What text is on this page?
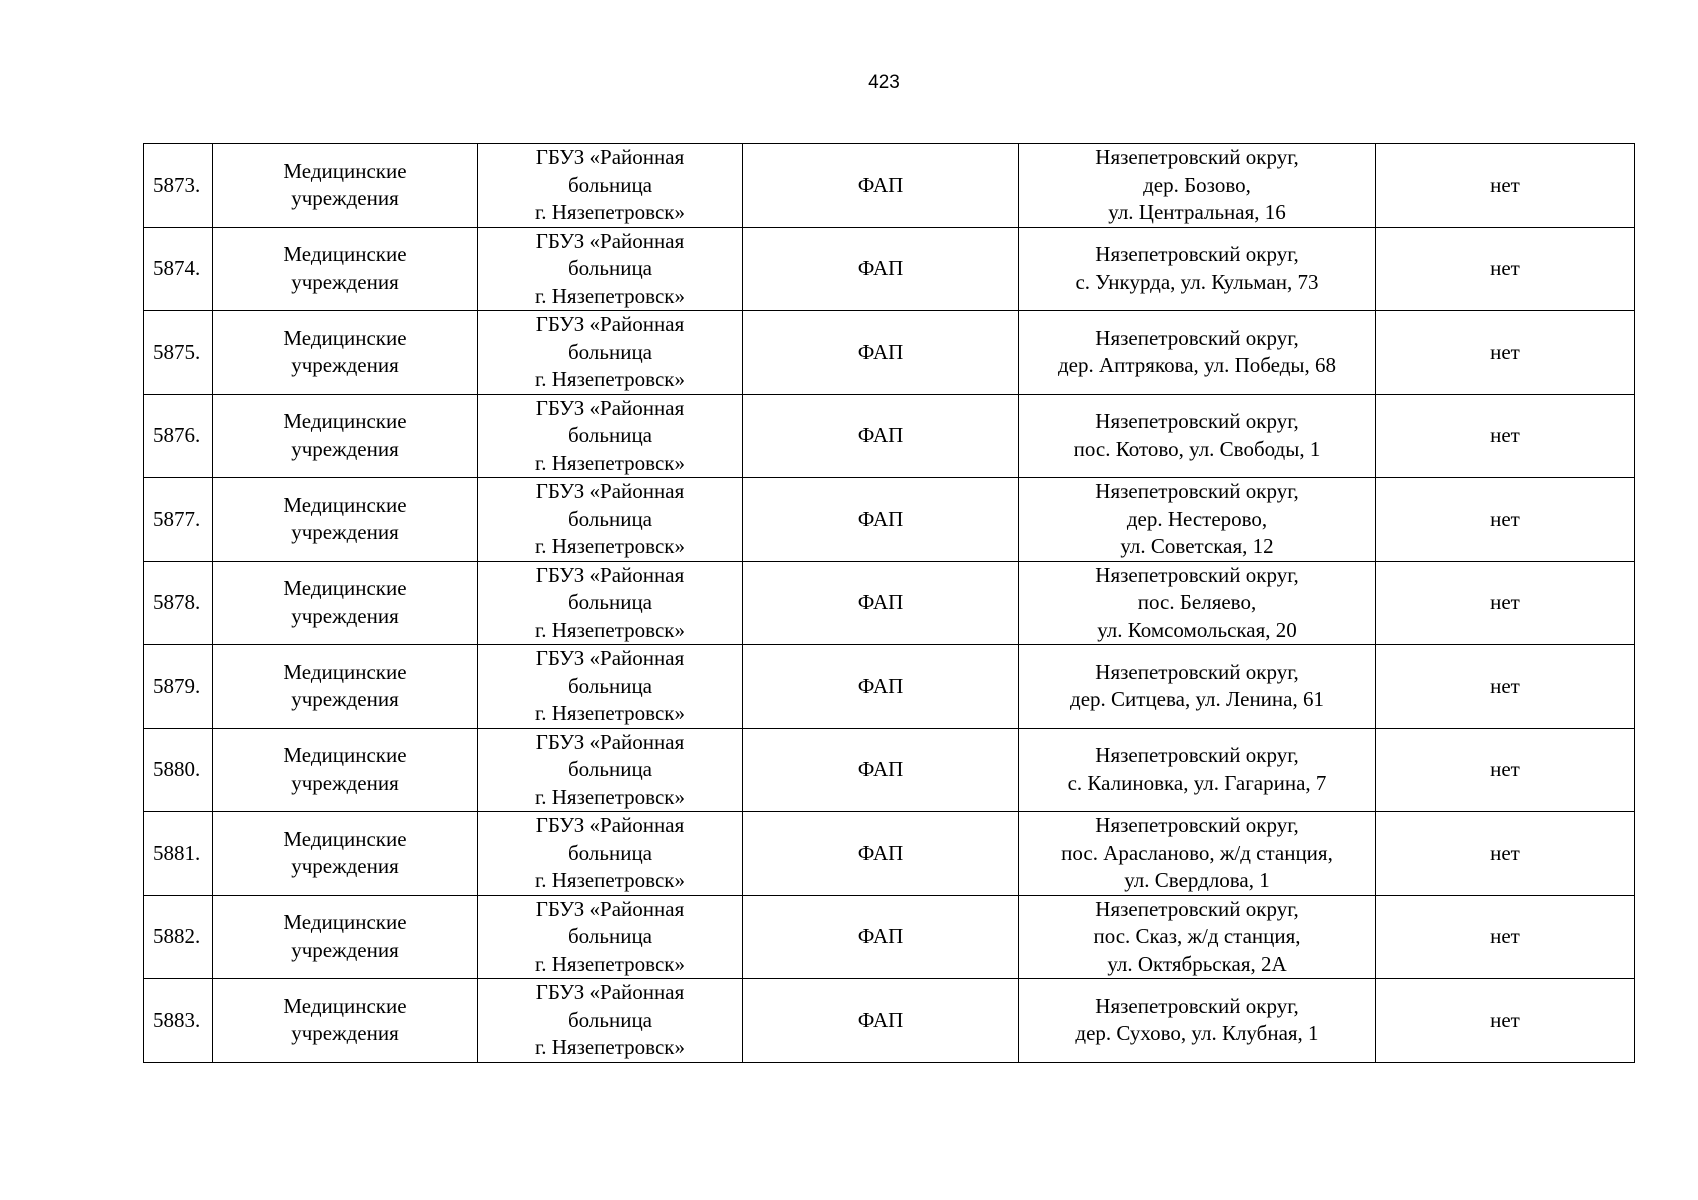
423
5873.	Медицинские
учреждения	ГБУЗ «Районная
больница
г. Нязепетровск»	ФАП	Нязепетровский округ,
дер. Бозово,
ул. Центральная, 16	нет
5874.	Медицинские
учреждения	ГБУЗ «Районная
больница
г. Нязепетровск»	ФАП	Нязепетровский округ,
с. Ункурда, ул. Кульман, 73	нет
5875.	Медицинские
учреждения	ГБУЗ «Районная
больница
г. Нязепетровск»	ФАП	Нязепетровский округ,
дер. Аптрякова, ул. Победы, 68	нет
5876.	Медицинские
учреждения	ГБУЗ «Районная
больница
г. Нязепетровск»	ФАП	Нязепетровский округ,
пос. Котово, ул. Свободы, 1	нет
5877.	Медицинские
учреждения	ГБУЗ «Районная
больница
г. Нязепетровск»	ФАП	Нязепетровский округ,
дер. Нестерово,
ул. Советская, 12	нет
5878.	Медицинские
учреждения	ГБУЗ «Районная
больница
г. Нязепетровск»	ФАП	Нязепетровский округ,
пос. Беляево,
ул. Комсомольская, 20	нет
5879.	Медицинские
учреждения	ГБУЗ «Районная
больница
г. Нязепетровск»	ФАП	Нязепетровский округ,
дер. Ситцева, ул. Ленина, 61	нет
5880.	Медицинские
учреждения	ГБУЗ «Районная
больница
г. Нязепетровск»	ФАП	Нязепетровский округ,
с. Калиновка, ул. Гагарина, 7	нет
5881.	Медицинские
учреждения	ГБУЗ «Районная
больница
г. Нязепетровск»	ФАП	Нязепетровский округ,
пос. Арасланово, ж/д станция,
ул. Свердлова, 1	нет
5882.	Медицинские
учреждения	ГБУЗ «Районная
больница
г. Нязепетровск»	ФАП	Нязепетровский округ,
пос. Сказ, ж/д станция,
ул. Октябрьская, 2А	нет
5883.	Медицинские
учреждения	ГБУЗ «Районная
больница
г. Нязепетровск»	ФАП	Нязепетровский округ,
дер. Сухово, ул. Клубная, 1	нет
